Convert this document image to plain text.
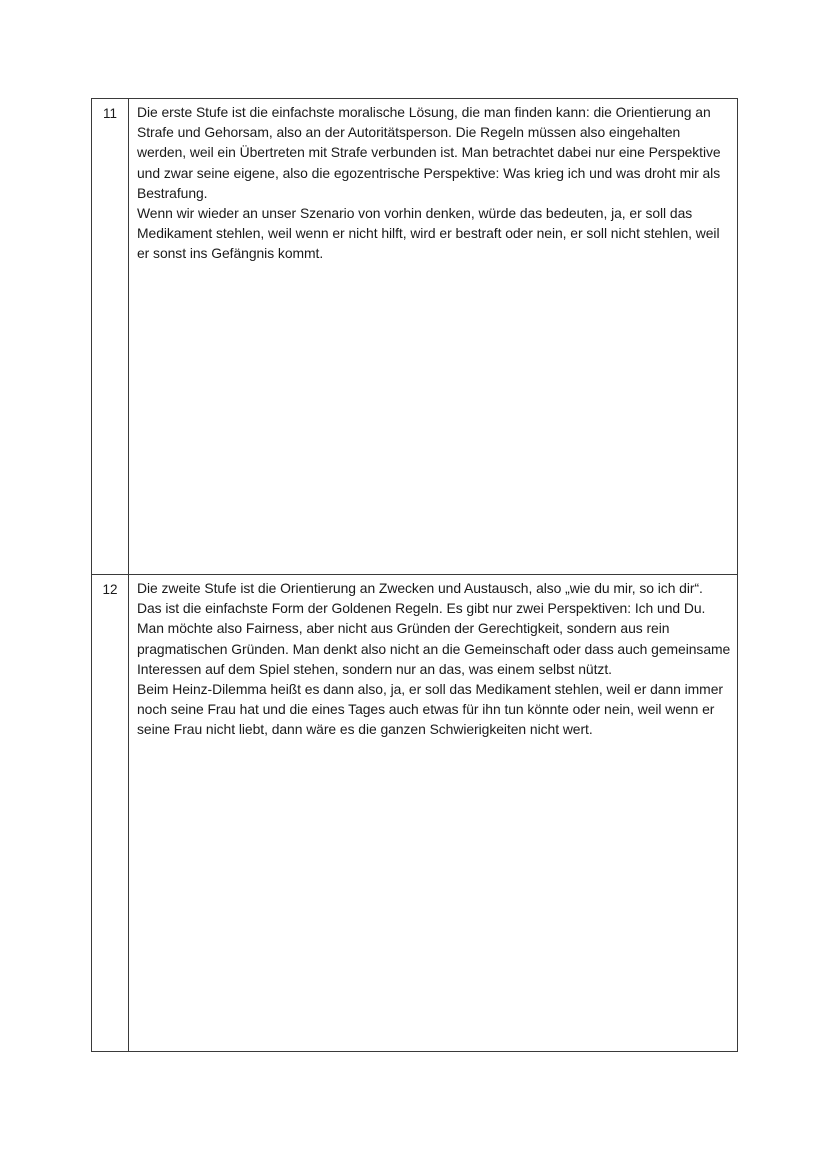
11	Die erste Stufe ist die einfachste moralische Lösung, die man finden kann: die Orientierung an Strafe und Gehorsam, also an der Autoritätsperson. Die Regeln müssen also eingehalten werden, weil ein Übertreten mit Strafe verbunden ist. Man betrachtet dabei nur eine Perspektive und zwar seine eigene, also die egozentrische Perspektive: Was krieg ich und was droht mir als Bestrafung.

Wenn wir wieder an unser Szenario von vorhin denken, würde das bedeuten, ja, er soll das Medikament stehlen, weil wenn er nicht hilft, wird er bestraft oder nein, er soll nicht stehlen, weil er sonst ins Gefängnis kommt.

12	Die zweite Stufe ist die Orientierung an Zwecken und Austausch, also „wie du mir, so ich dir“. Das ist die einfachste Form der Goldenen Regeln. Es gibt nur zwei Perspektiven: Ich und Du. Man möchte also Fairness, aber nicht aus Gründen der Gerechtigkeit, sondern aus rein pragmatischen Gründen. Man denkt also nicht an die Gemeinschaft oder dass auch gemeinsame Interessen auf dem Spiel stehen, sondern nur an das, was einem selbst nützt.

Beim Heinz-Dilemma heißt es dann also, ja, er soll das Medikament stehlen, weil er dann immer noch seine Frau hat und die eines Tages auch etwas für ihn tun könnte oder nein, weil wenn er seine Frau nicht liebt, dann wäre es die ganzen Schwierigkeiten nicht wert.
